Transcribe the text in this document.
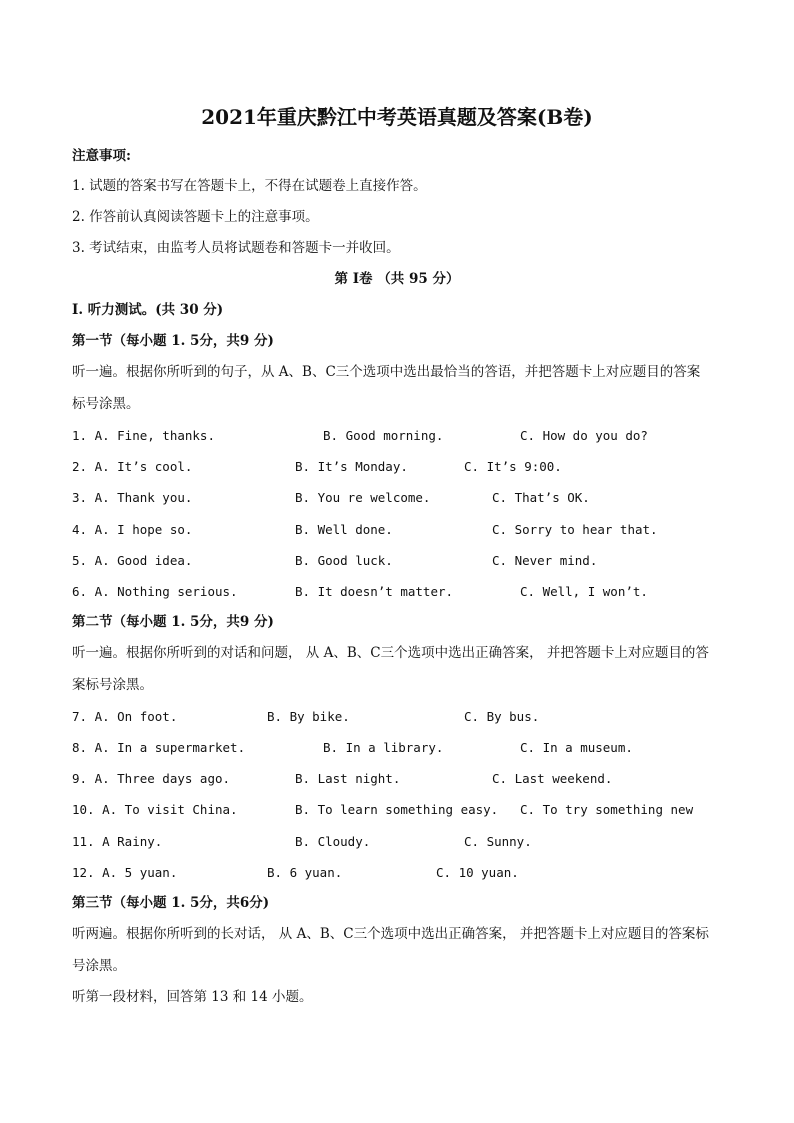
2021年重庆黔江中考英语真题及答案(B卷)
注意事项:
1. 试题的答案书写在答题卡上，不得在试题卷上直接作答。
2. 作答前认真阅读答题卡上的注意事项。
3. 考试结束，由监考人员将试题卷和答题卡一并收回。
第 I卷 （共 95 分）
I. 听力测试。(共 30 分)
第一节（每小题 1. 5分，共9 分)
听一遍。根据你所听到的句子，从 A、B、C三个选项中选出最恰当的答语，并把答题卡上对应题目的答案
标号涂黑。
1. A. Fine, thanks.	B. Good morning.	C. How do you do?
2. A. It’s cool.	B. It’s Monday.	C. It’s 9:00.
3. A. Thank you.	B. You re welcome.	C. That’s OK.
4. A. I hope so.	B. Well done.	C. Sorry to hear that.
5. A. Good idea.	B. Good luck.	C. Never mind.
6. A. Nothing serious.	B. It doesn’t matter.	C. Well, I won’t.
第二节（每小题 1. 5分，共9 分)
听一遍。根据你所听到的对话和问题， 从 A、B、C三个选项中选出正确答案， 并把答题卡上对应题目的答
案标号涂黑。
7. A. On foot.	B. By bike.	C. By bus.
8. A. In a supermarket.	B. In a library.	C. In a museum.
9. A. Three days ago.	B. Last night.	C. Last weekend.
10. A. To visit China.	B. To learn something easy. C. To try something new
11. A Rainy.	B. Cloudy.	C. Sunny.
12. A. 5 yuan.	B. 6 yuan.	C. 10 yuan.
第三节（每小题 1. 5分，共6分)
听两遍。根据你所听到的长对话， 从 A、B、C三个选项中选出正确答案， 并把答题卡上对应题目的答案标
号涂黑。
听第一段材料，回答第 13 和 14 小题。
